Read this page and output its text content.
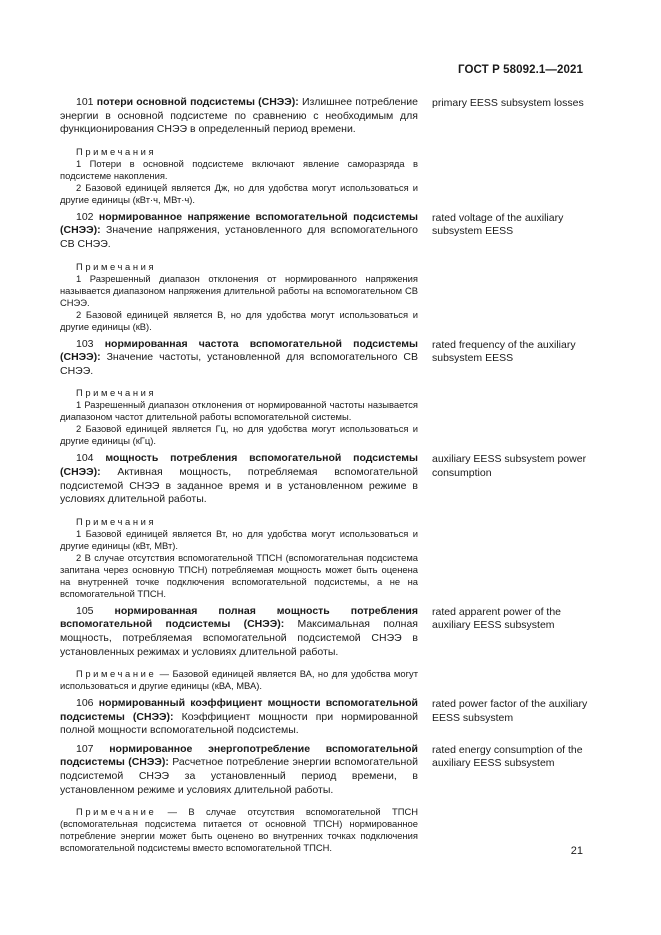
ГОСТ Р 58092.1—2021

101 потери основной подсистемы (СНЭЭ): Излишнее потребление энергии в основной подсистеме по сравнению с необходимым для функционирования СНЭЭ в определенный период времени.

Примечания

1 Потери в основной подсистеме включают явление саморазряда в подсистеме накопления.

2 Базовой единицей является Дж, но для удобства могут использоваться и другие единицы (кВт·ч, МВт·ч).

primary EESS subsystem losses

102 нормированное напряжение вспомогательной подсистемы (СНЭЭ): Значение напряжения, установленного для вспомогательного СВ СНЭЭ.

Примечания

1 Разрешенный диапазон отклонения от нормированного напряжения называется диапазоном напряжения длительной работы на вспомогательном СВ СНЭЭ.

2 Базовой единицей является В, но для удобства могут использоваться и другие единицы (кВ).

rated voltage of the auxiliary subsystem EESS

103 нормированная частота вспомогательной подсистемы (СНЭЭ): Значение частоты, установленной для вспомогательного СВ СНЭЭ.

Примечания

1 Разрешенный диапазон отклонения от нормированной частоты называется диапазоном частот длительной работы вспомогательной системы.

2 Базовой единицей является Гц, но для удобства могут использоваться и другие единицы (кГц).

rated frequency of the auxiliary subsystem EESS

104 мощность потребления вспомогательной подсистемы (СНЭЭ): Активная мощность, потребляемая вспомогательной подсистемой СНЭЭ в заданное время и в установленном режиме в условиях длительной работы.

Примечания

1 Базовой единицей является Вт, но для удобства могут использоваться и другие единицы (кВт, МВт).

2 В случае отсутствия вспомогательной ТПСН (вспомогательная подсистема запитана через основную ТПСН) потребляемая мощность может быть оценена на внутренней точке подключения вспомогательной подсистемы, а не на вспомогательной ТПСН.

auxiliary EESS subsystem power consumption

105 нормированная полная мощность потребления вспомогательной подсистемы (СНЭЭ): Максимальная полная мощность, потребляемая вспомогательной подсистемой СНЭЭ в установленных режимах и условиях длительной работы.

Примечание — Базовой единицей является ВА, но для удобства могут использоваться и другие единицы (кВА, МВА).

rated apparent power of the auxiliary EESS subsystem

106 нормированный коэффициент мощности вспомогательной подсистемы (СНЭЭ): Коэффициент мощности при нормированной полной мощности вспомогательной подсистемы.

rated power factor of the auxiliary EESS subsystem

107 нормированное энергопотребление вспомогательной подсистемы (СНЭЭ): Расчетное потребление энергии вспомогательной подсистемой СНЭЭ за установленный период времени, в установленном режиме и условиях длительной работы.

Примечание — В случае отсутствия вспомогательной ТПСН (вспомогательная подсистема питается от основной ТПСН) нормированное потребление энергии может быть оценено во внутренних точках подключения вспомогательной подсистемы вместо вспомогательной ТПСН.

rated energy consumption of the auxiliary EESS subsystem
21
